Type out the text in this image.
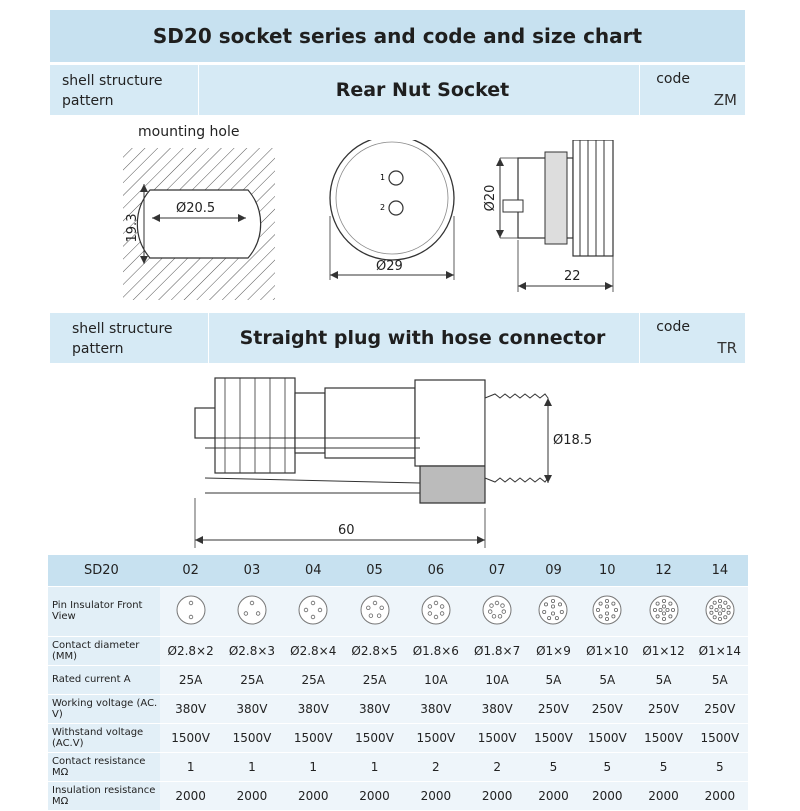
SD20 socket series and code and size chart
shell structure
pattern	Rear Nut Socket	code
ZM
mounting hole
Ø20.5
19.3
1
2
Ø29
Ø20
22
shell structure
pattern	Straight plug with hose connector	code
TR
Ø18.5
60
SD20	02	03	04	05	06	07	09	10	12	14
Pin Insulator Front View										
Contact diameter (MM)	Ø2.8×2	Ø2.8×3	Ø2.8×4	Ø2.8×5	Ø1.8×6	Ø1.8×7	Ø1×9	Ø1×10	Ø1×12	Ø1×14
Rated current A	25A	25A	25A	25A	10A	10A	5A	5A	5A	5A
Working voltage (AC. V)	380V	380V	380V	380V	380V	380V	250V	250V	250V	250V
Withstand voltage (AC.V)	1500V	1500V	1500V	1500V	1500V	1500V	1500V	1500V	1500V	1500V
Contact resistance MΩ	1	1	1	1	2	2	5	5	5	5
Insulation resistance MΩ	2000	2000	2000	2000	2000	2000	2000	2000	2000	2000
